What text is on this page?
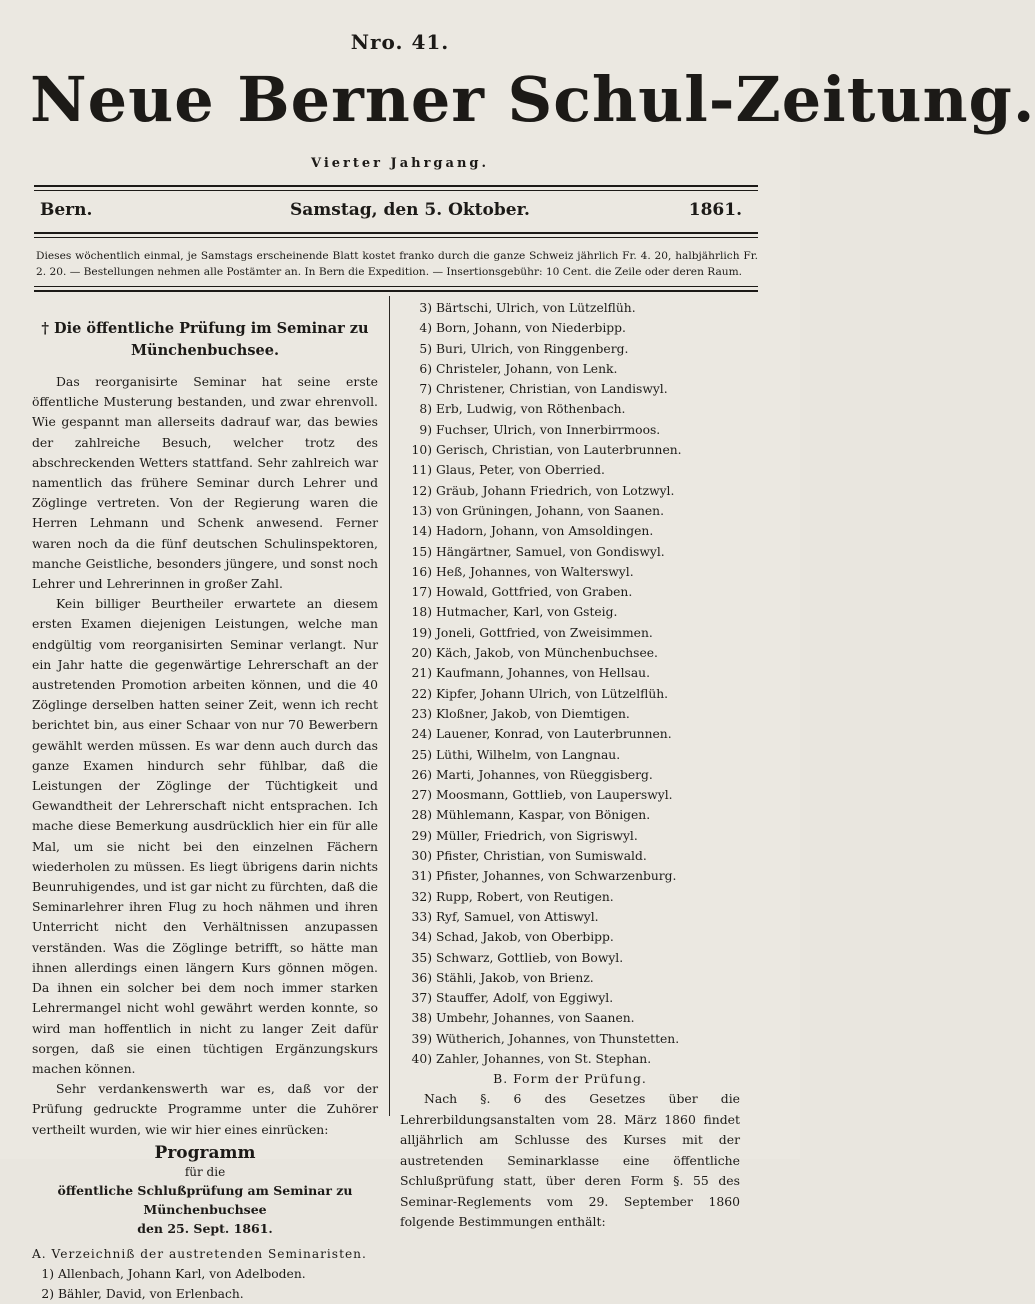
Nro. 41.
Neue Berner Schul-Zeitung.
Vierter Jahrgang.
Bern.	Samstag, den 5. Oktober.	1861.
Dieses wöchentlich einmal, je Samstags erscheinende Blatt kostet franko durch die ganze Schweiz jährlich Fr. 4. 20, halbjährlich Fr. 2. 20. — Bestellungen nehmen alle Postämter an. In Bern die Expedition. — Insertionsgebühr: 10 Cent. die Zeile oder deren Raum.

† Die öffentliche Prüfung im Seminar zu

Münchenbuchsee.

Das reorganisirte Seminar hat seine erste öffentliche Musterung bestanden, und zwar ehrenvoll. Wie gespannt man allerseits dadrauf war, das bewies der zahlreiche Besuch, welcher trotz des abschreckenden Wetters stattfand. Sehr zahlreich war namentlich das frühere Seminar durch Lehrer und Zöglinge vertreten. Von der Regierung waren die Herren Lehmann und Schenk anwesend. Ferner waren noch da die fünf deutschen Schulinspektoren, manche Geistliche, besonders jüngere, und sonst noch Lehrer und Lehrerinnen in großer Zahl.

Kein billiger Beurtheiler erwartete an diesem ersten Examen diejenigen Leistungen, welche man endgültig vom reorganisirten Seminar verlangt. Nur ein Jahr hatte die gegenwärtige Lehrerschaft an der austretenden Promotion arbeiten können, und die 40 Zöglinge derselben hatten seiner Zeit, wenn ich recht berichtet bin, aus einer Schaar von nur 70 Bewerbern gewählt werden müssen. Es war denn auch durch das ganze Examen hindurch sehr fühlbar, daß die Leistungen der Zöglinge der Tüchtigkeit und Gewandtheit der Lehrerschaft nicht entsprachen. Ich mache diese Bemerkung ausdrücklich hier ein für alle Mal, um sie nicht bei den einzelnen Fächern wiederholen zu müssen. Es liegt übrigens darin nichts Beunruhigendes, und ist gar nicht zu fürchten, daß die Seminarlehrer ihren Flug zu hoch nähmen und ihren Unterricht nicht den Verhältnissen anzupassen verständen. Was die Zöglinge betrifft, so hätte man ihnen allerdings einen längern Kurs gönnen mögen. Da ihnen ein solcher bei dem noch immer starken Lehrermangel nicht wohl gewährt werden konnte, so wird man hoffentlich in nicht zu langer Zeit dafür sorgen, daß sie einen tüchtigen Ergänzungskurs machen können.

Sehr verdankenswerth war es, daß vor der Prüfung gedruckte Programme unter die Zuhörer vertheilt wurden, wie wir hier eines einrücken:

Programm
für die
öffentliche Schlußprüfung am Seminar zu Münchenbuchsee
den 25. Sept. 1861.
A. Verzeichniß der austretenden Seminaristen.
1) Allenbach, Johann Karl, von Adelboden.
2) Bähler, David, von Erlenbach.
3) Bärtschi, Ulrich, von Lützelflüh.
4) Born, Johann, von Niederbipp.
5) Buri, Ulrich, von Ringgenberg.
6) Christeler, Johann, von Lenk.
7) Christener, Christian, von Landiswyl.
8) Erb, Ludwig, von Röthenbach.
9) Fuchser, Ulrich, von Innerbirrmoos.
10) Gerisch, Christian, von Lauterbrunnen.
11) Glaus, Peter, von Oberried.
12) Gräub, Johann Friedrich, von Lotzwyl.
13) von Grüningen, Johann, von Saanen.
14) Hadorn, Johann, von Amsoldingen.
15) Hängärtner, Samuel, von Gondiswyl.
16) Heß, Johannes, von Walterswyl.
17) Howald, Gottfried, von Graben.
18) Hutmacher, Karl, von Gsteig.
19) Joneli, Gottfried, von Zweisimmen.
20) Käch, Jakob, von Münchenbuchsee.
21) Kaufmann, Johannes, von Hellsau.
22) Kipfer, Johann Ulrich, von Lützelflüh.
23) Kloßner, Jakob, von Diemtigen.
24) Lauener, Konrad, von Lauterbrunnen.
25) Lüthi, Wilhelm, von Langnau.
26) Marti, Johannes, von Rüeggisberg.
27) Moosmann, Gottlieb, von Lauperswyl.
28) Mühlemann, Kaspar, von Bönigen.
29) Müller, Friedrich, von Sigriswyl.
30) Pfister, Christian, von Sumiswald.
31) Pfister, Johannes, von Schwarzenburg.
32) Rupp, Robert, von Reutigen.
33) Ryf, Samuel, von Attiswyl.
34) Schad, Jakob, von Oberbipp.
35) Schwarz, Gottlieb, von Bowyl.
36) Stähli, Jakob, von Brienz.
37) Stauffer, Adolf, von Eggiwyl.
38) Umbehr, Johannes, von Saanen.
39) Wütherich, Johannes, von Thunstetten.
40) Zahler, Johannes, von St. Stephan.
B. Form der Prüfung.

Nach §. 6 des Gesetzes über die Lehrerbildungsanstalten vom 28. März 1860 findet alljährlich am Schlusse des Kurses mit der austretenden Seminarklasse eine öffentliche Schlußprüfung statt, über deren Form §. 55 des Seminar-Reglements vom 29. September 1860 folgende Bestimmungen enthält:
